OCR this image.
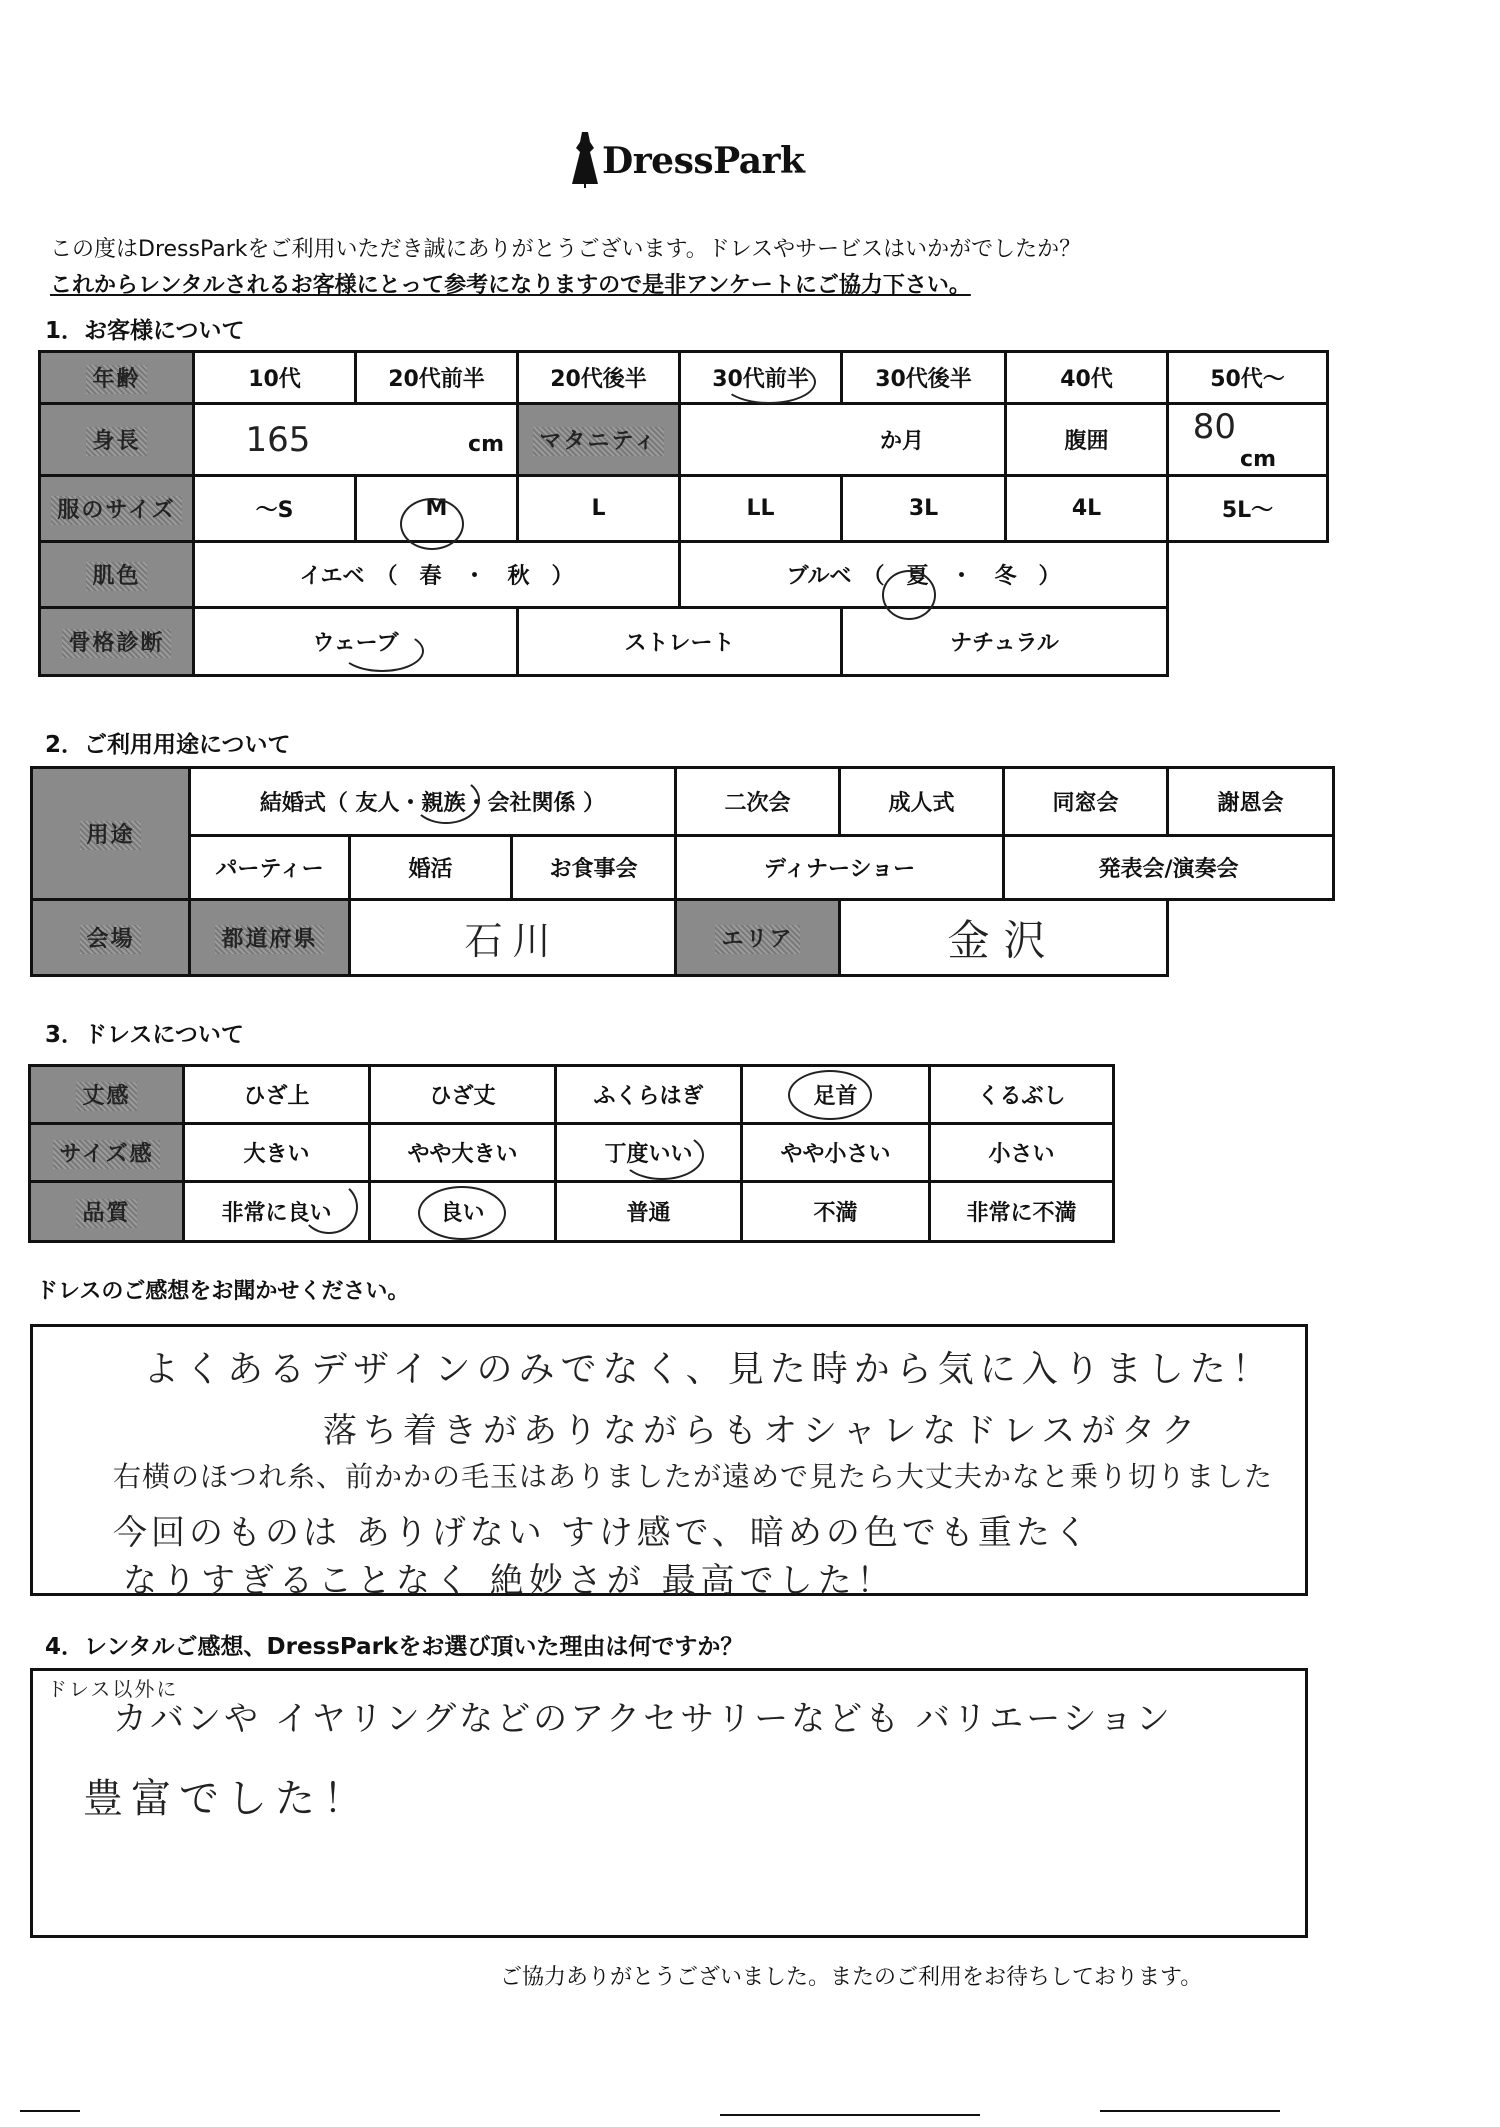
DressPark
この度はDressParkをご利用いただき誠にありがとうございます。ドレスやサービスはいかがでしたか？
これからレンタルされるお客様にとって参考になりますので是非アンケートにご協力下さい。
1．お客様について
年齢	10代	20代前半	20代後半	30代前半	30代後半	40代	50代～
身長	165 cm		マタニティ	か月		腹囲	80 cm
服のサイズ	～S	M	L	LL	3L	4L	5L～
肌色	イエベ　（　春　・　秋　）			ブルベ　（　夏　・　冬　）			
骨格診断	ウェーブ		ストレート		ナチュラル		
2．ご利用用途について
用途	結婚式（ 友人・親族・会社関係 ）			二次会	成人式	同窓会	謝恩会
	パーティー	婚活	お食事会	ディナーショー		発表会/演奏会	
会場	都道府県	石川		エリア	金沢		
3．ドレスについて
丈感	ひざ上	ひざ丈	ふくらはぎ	足首	くるぶし
サイズ感	大きい	やや大きい	丁度いい	やや小さい	小さい
品質	非常に良い	良い	普通	不満	非常に不満
ドレスのご感想をお聞かせください。
よくあるデザインのみでなく、見た時から気に入りました！
落ち着きがありながらもオシャレなドレスがタク
右横のほつれ糸、前かかの毛玉はありましたが遠めで見たら大丈夫かなと乗り切りました
今回のものは ありげない すけ感で、暗めの色でも重たく
なりすぎることなく 絶妙さが 最高でした！
4．レンタルご感想、DressParkをお選び頂いた理由は何ですか？
ドレス以外に
カバンや イヤリングなどのアクセサリーなども バリエーション
豊富でした！
ご協力ありがとうございました。またのご利用をお待ちしております。
